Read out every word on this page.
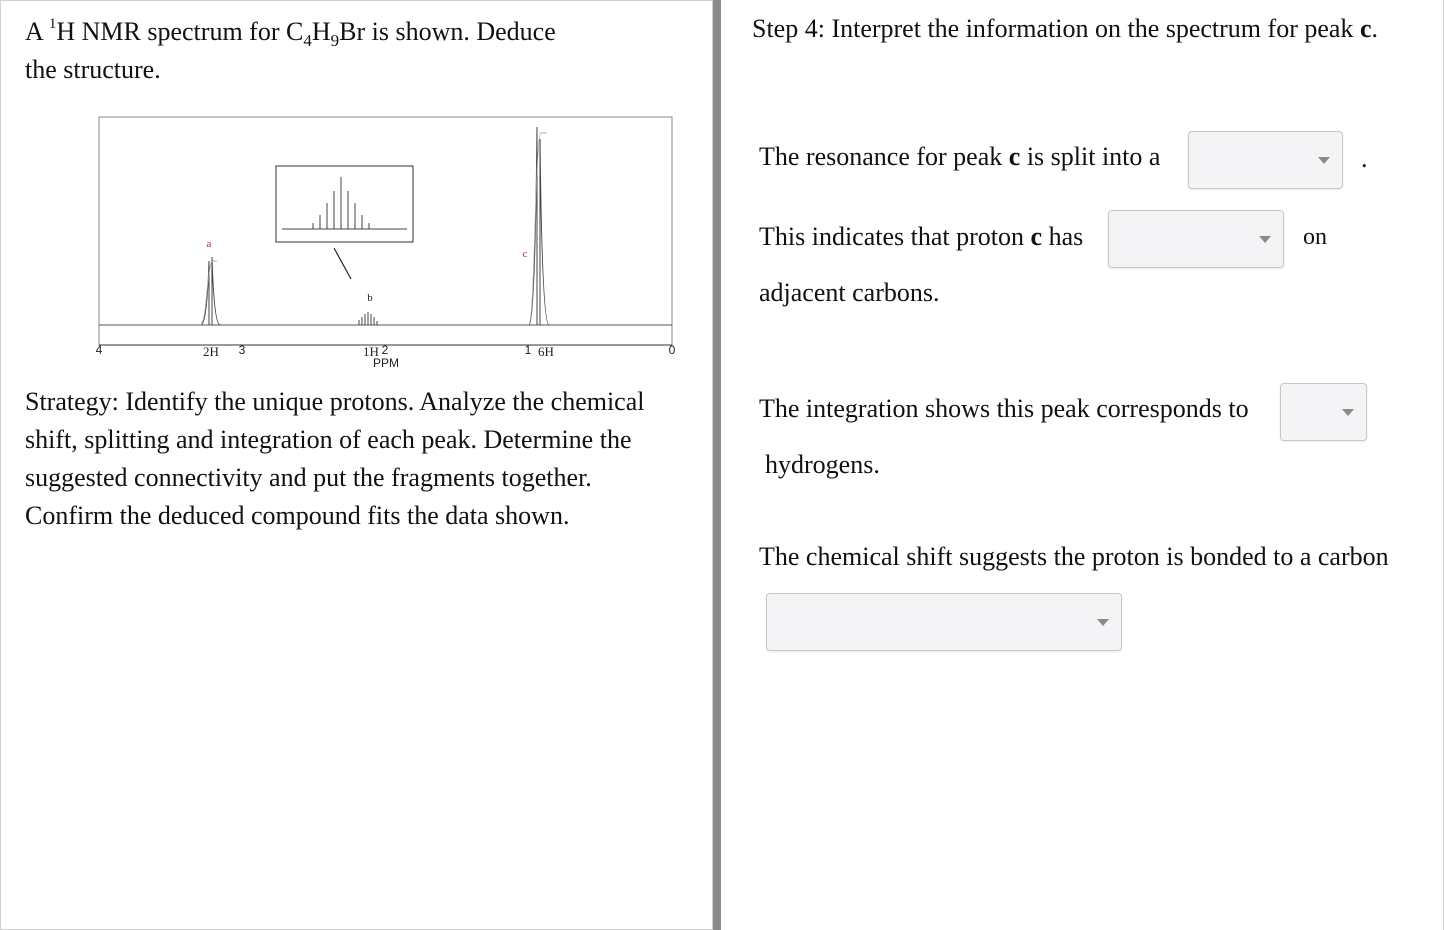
A $^1$H NMR spectrum for $C_4H_9Br$ is shown. Deduce
the structure.
a
b
c
4	3	2	1	0
2H	1H	6H
PPM
Strategy: Identify the unique protons. Analyze the chemical
shift, splitting and integration of each peak. Determine the
suggested connectivity and put the fragments together.
Confirm the deduced compound fits the data shown.
Step 4: Interpret the information on the spectrum for peak c.
The resonance for peak c is split into a	.
This indicates that proton c has	on
adjacent carbons.
The integration shows this peak corresponds to
hydrogens.
The chemical shift suggests the proton is bonded to a carbon
